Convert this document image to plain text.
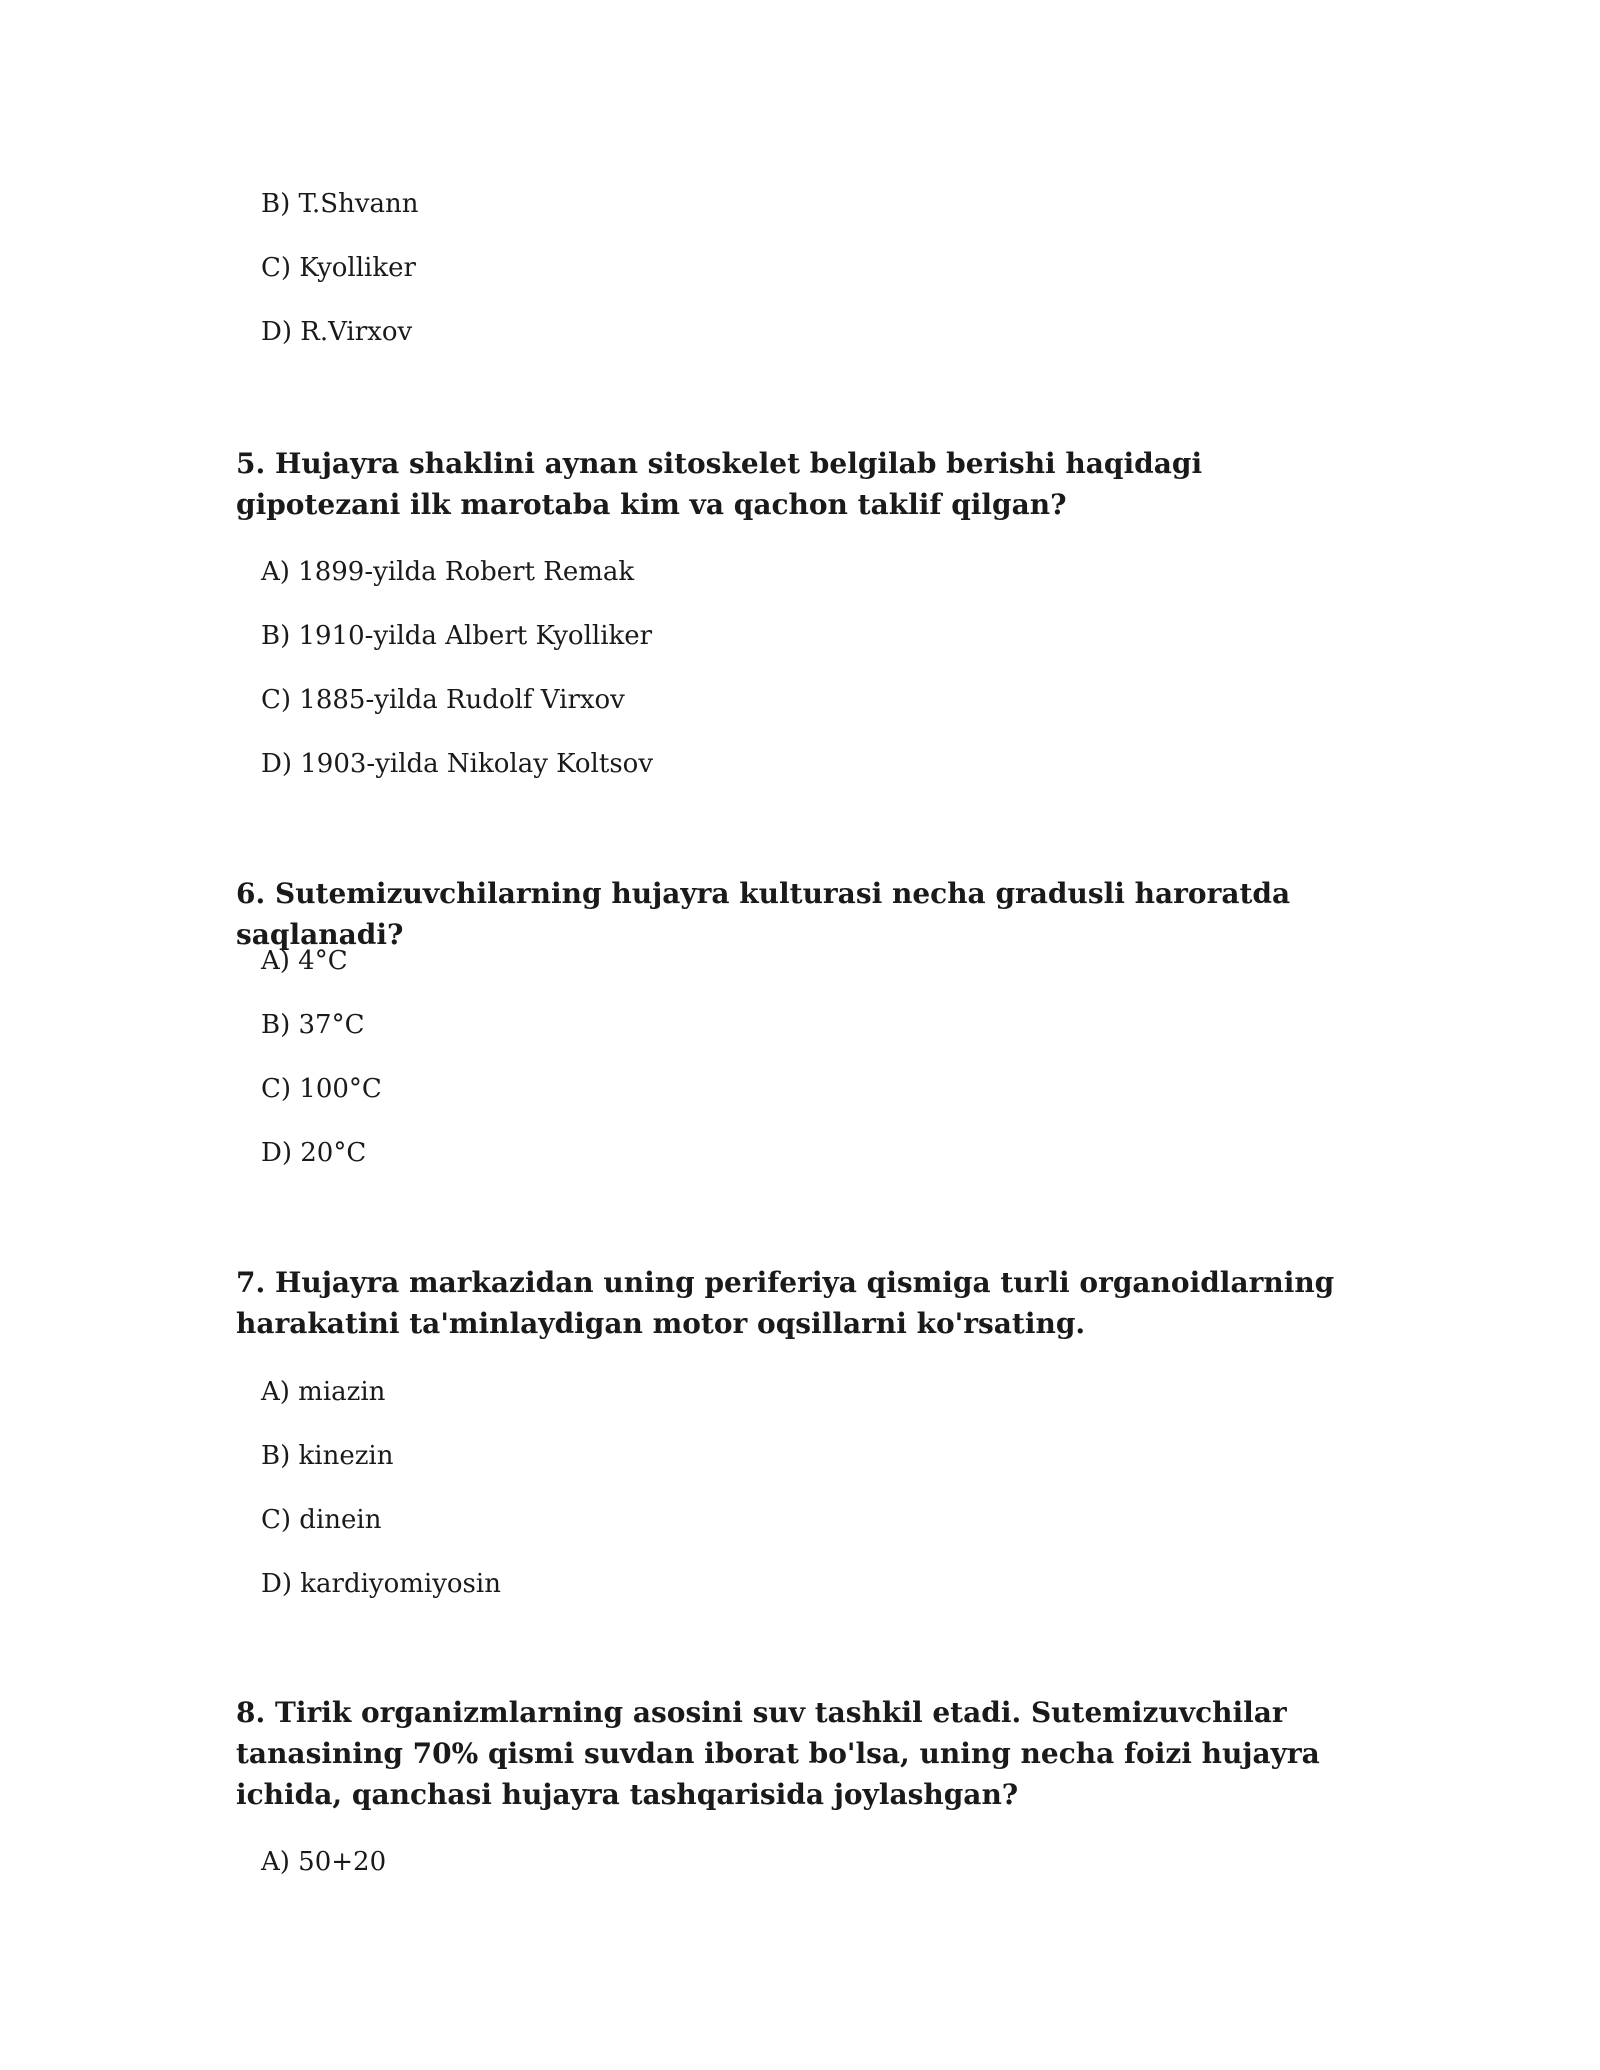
B) T.Shvann
C) Kyolliker
D) R.Virxov
5. Hujayra shaklini aynan sitoskelet belgilab berishi haqidagi gipotezani ilk marotaba kim va qachon taklif qilgan?
A) 1899-yilda Robert Remak
B) 1910-yilda Albert Kyolliker
C) 1885-yilda Rudolf Virxov
D) 1903-yilda Nikolay Koltsov
6. Sutemizuvchilarning hujayra kulturasi necha gradusli haroratda saqlanadi?
A) 4°C
B) 37°C
C) 100°C
D) 20°C
7. Hujayra markazidan uning periferiya qismiga turli organoidlarning harakatini ta'minlaydigan motor oqsillarni ko'rsating.
A) miazin
B) kinezin
C) dinein
D) kardiyomiyosin
8. Tirik organizmlarning asosini suv tashkil etadi. Sutemizuvchilar tanasining 70% qismi suvdan iborat bo'lsa, uning necha foizi hujayra ichida, qanchasi hujayra tashqarisida joylashgan?
A) 50+20
